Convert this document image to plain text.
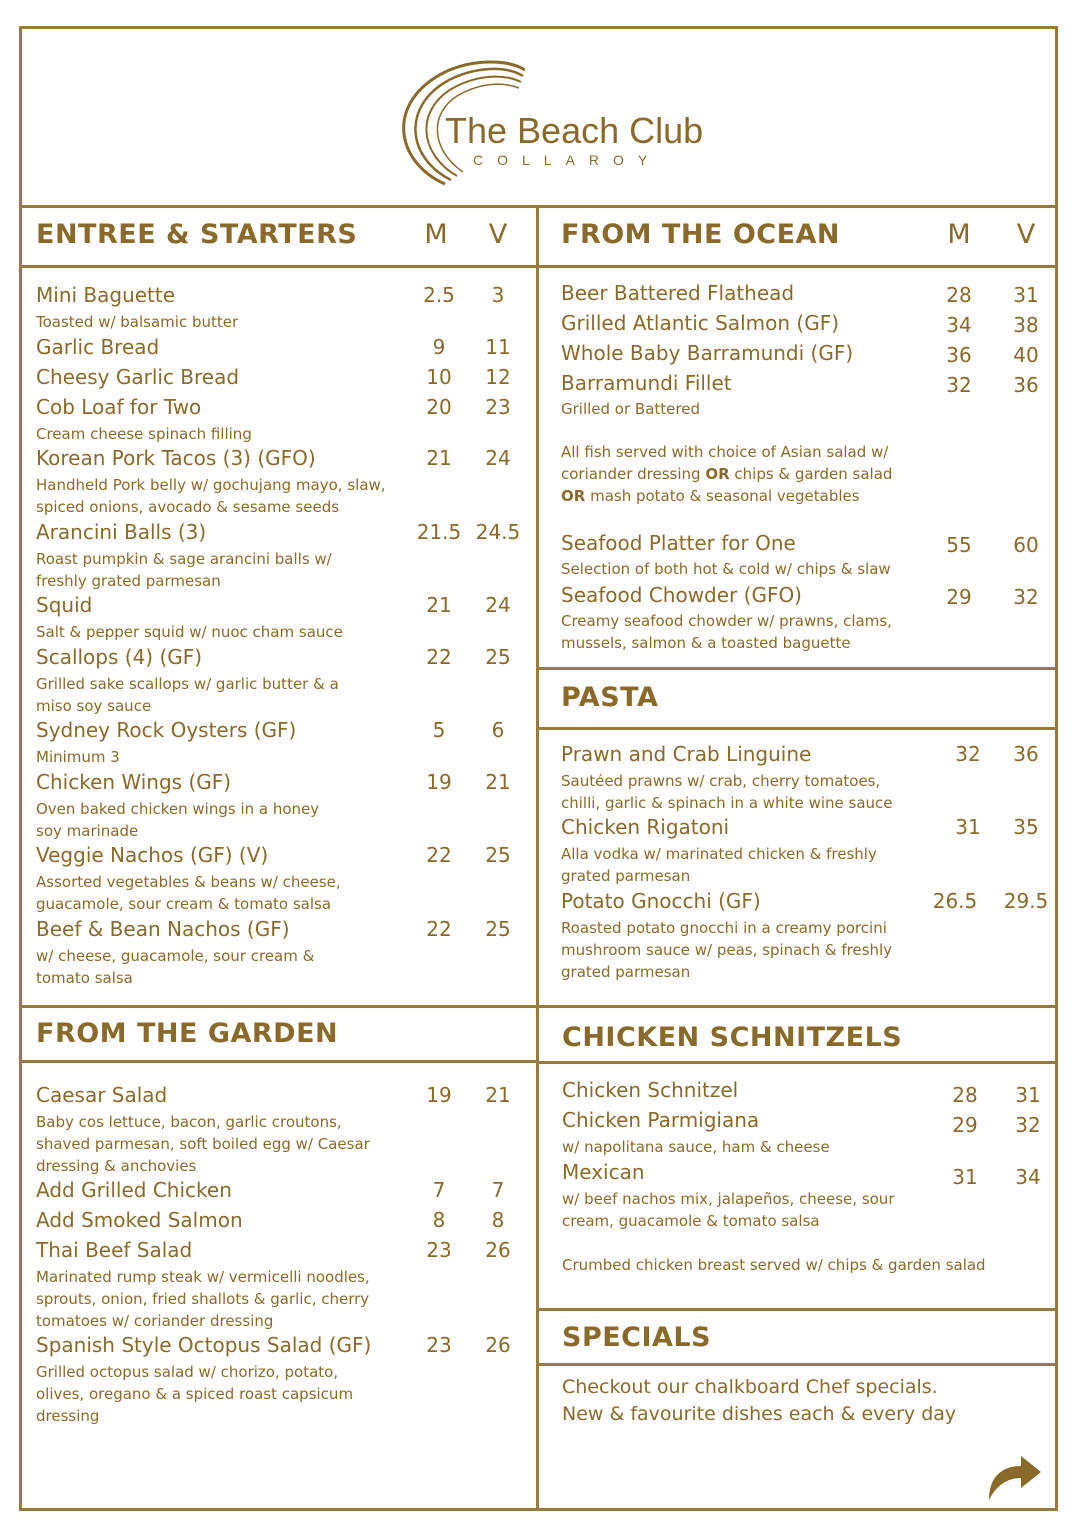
The Beach Club
COLLAROY
ENTREE & STARTERS	M	V
Mini Baguette	2.5	3
Toasted w/ balsamic butter
Garlic Bread	9	11
Cheesy Garlic Bread	10	12
Cob Loaf for Two	20	23
Cream cheese spinach filling
Korean Pork Tacos (3) (GFO)	21	24
Handheld Pork belly w/ gochujang mayo, slaw, spiced onions, avocado & sesame seeds
Arancini Balls (3)	21.5 24.5
Roast pumpkin & sage arancini balls w/ freshly grated parmesan
Squid	21	24
Salt & pepper squid w/ nuoc cham sauce
Scallops (4) (GF)	22	25
Grilled sake scallops w/ garlic butter & a miso soy sauce
Sydney Rock Oysters (GF)	5	6
Minimum 3
Chicken Wings (GF)	19	21
Oven baked chicken wings in a honey soy marinade
Veggie Nachos (GF) (V)	22	25
Assorted vegetables & beans w/ cheese, guacamole, sour cream & tomato salsa
Beef & Bean Nachos (GF)	22	25
w/ cheese, guacamole, sour cream & tomato salsa
FROM THE GARDEN
Caesar Salad	19	21
Baby cos lettuce, bacon, garlic croutons, shaved parmesan, soft boiled egg w/ Caesar dressing & anchovies
Add Grilled Chicken	7	7
Add Smoked Salmon	8	8
Thai Beef Salad	23	26
Marinated rump steak w/ vermicelli noodles, sprouts, onion, fried shallots & garlic, cherry tomatoes w/ coriander dressing
Spanish Style Octopus Salad (GF)	23	26
Grilled octopus salad w/ chorizo, potato, olives, oregano & a spiced roast capsicum dressing
FROM THE OCEAN	M	V
Beer Battered Flathead	28	31
Grilled Atlantic Salmon (GF)	34	38
Whole Baby Barramundi (GF)	36	40
Barramundi Fillet	32	36
Grilled or Battered
All fish served with choice of Asian salad w/ coriander dressing OR chips & garden salad
OR mash potato & seasonal vegetables
Seafood Platter for One	55	60
Selection of both hot & cold w/ chips & slaw
Seafood Chowder (GFO)	29	32
Creamy seafood chowder w/ prawns, clams, mussels, salmon & a toasted baguette
PASTA
Prawn and Crab Linguine	32	36
Sautéed prawns w/ crab, cherry tomatoes, chilli, garlic & spinach in a white wine sauce
Chicken Rigatoni	31	35
Alla vodka w/ marinated chicken & freshly grated parmesan
Potato Gnocchi (GF)	26.5	29.5
Roasted potato gnocchi in a creamy porcini mushroom sauce w/ peas, spinach & freshly grated parmesan
CHICKEN SCHNITZELS
Chicken Schnitzel	28	31
Chicken Parmigiana	29	32
w/ napolitana sauce, ham & cheese
Mexican	31	34
w/ beef nachos mix, jalapeños, cheese, sour cream, guacamole & tomato salsa
Crumbed chicken breast served w/ chips & garden salad
SPECIALS
Checkout our chalkboard Chef specials.
New & favourite dishes each & every day
